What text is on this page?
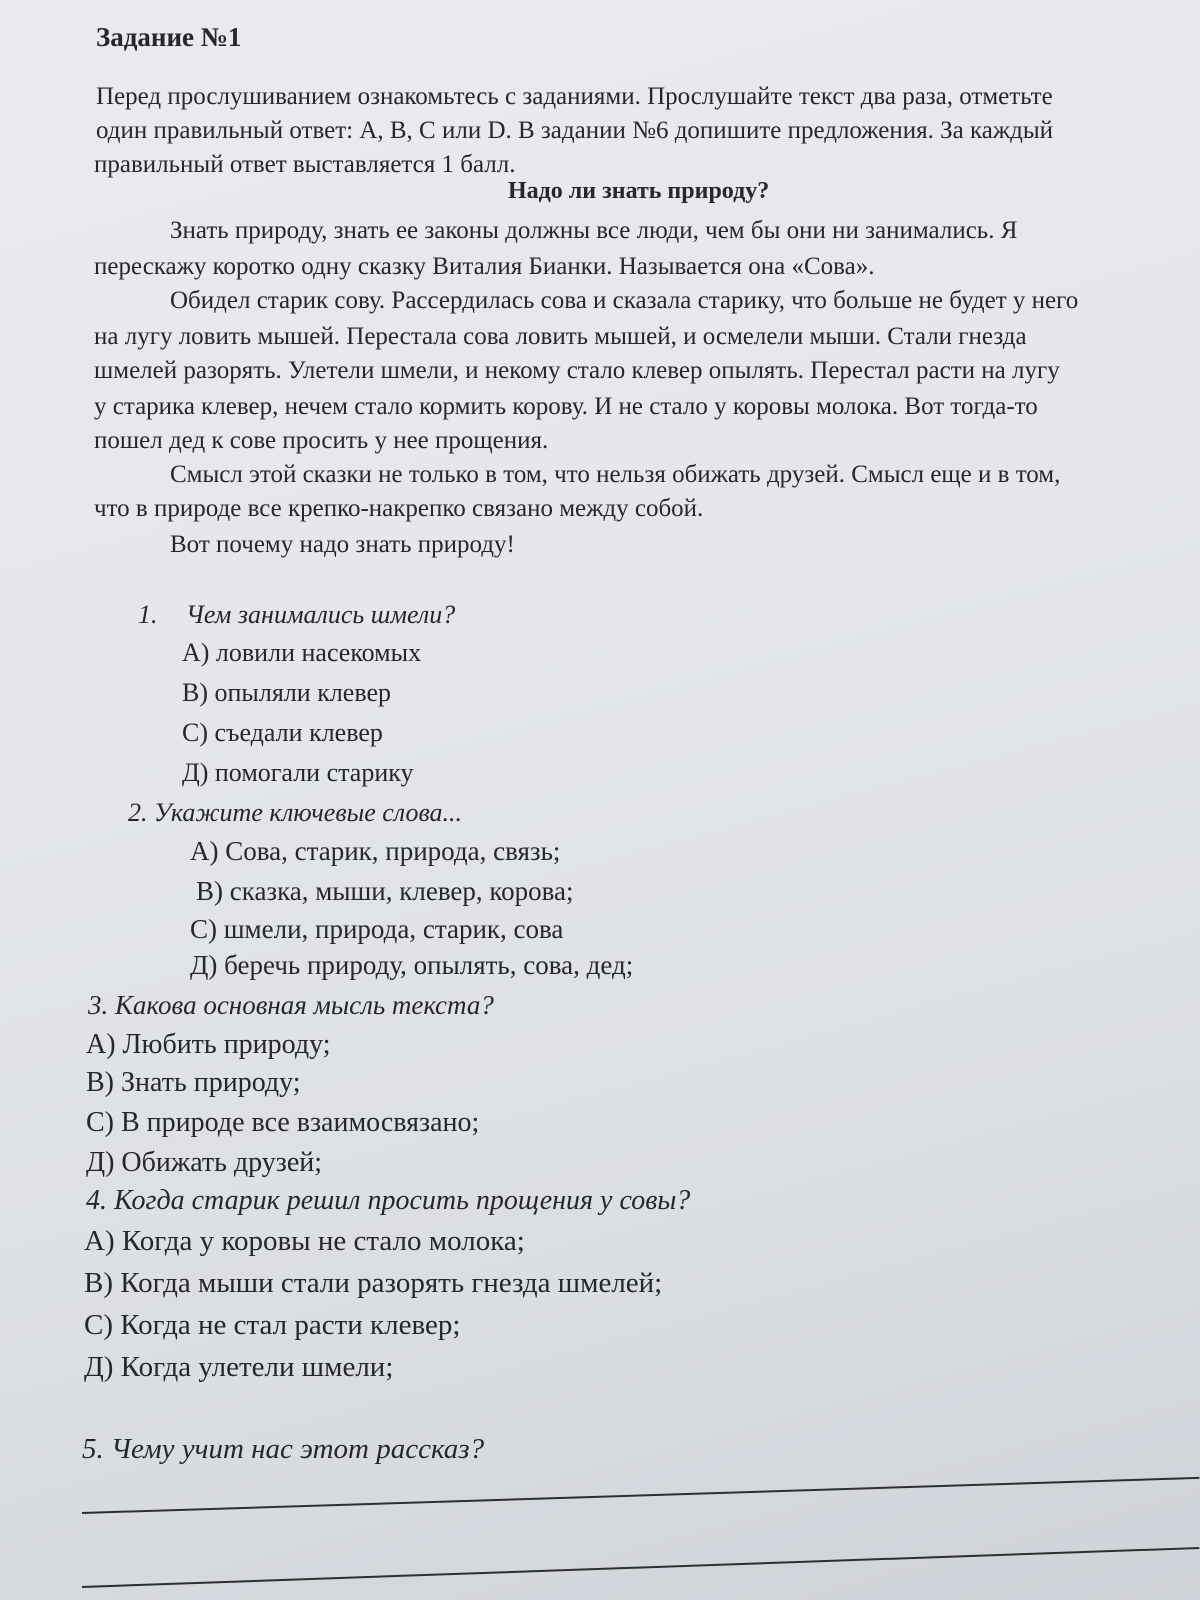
Задание №1
Перед прослушиванием ознакомьтесь с заданиями. Прослушайте текст два раза, отметьте
один правильный ответ: А, В, С или D. В задании №6 допишите предложения. За каждый
правильный ответ выставляется 1 балл.
Надо ли знать природу?
Знать природу, знать ее законы должны все люди, чем бы они ни занимались. Я
перескажу коротко одну сказку Виталия Бианки. Называется она «Сова».
Обидел старик сову. Рассердилась сова и сказала старику, что больше не будет у него
на лугу ловить мышей. Перестала сова ловить мышей, и осмелели мыши. Стали гнезда
шмелей разорять. Улетели шмели, и некому стало клевер опылять. Перестал расти на лугу
у старика клевер, нечем стало кормить корову. И не стало у коровы молока. Вот тогда-то
пошел дед к сове просить у нее прощения.
Смысл этой сказки не только в том, что нельзя обижать друзей. Смысл еще и в том,
что в природе все крепко-накрепко связано между собой.
Вот почему надо знать природу!
1. Чем занимались шмели?
А) ловили насекомых
В) опыляли клевер
С) съедали клевер
Д) помогали старику
2. Укажите ключевые слова...
А) Сова, старик, природа, связь;
В) сказка, мыши, клевер, корова;
С) шмели, природа, старик, сова
Д) беречь природу, опылять, сова, дед;
3. Какова основная мысль текста?
А) Любить природу;
В) Знать природу;
С) В природе все взаимосвязано;
Д) Обижать друзей;
4. Когда старик решил просить прощения у совы?
А) Когда у коровы не стало молока;
В) Когда мыши стали разорять гнезда шмелей;
С) Когда не стал расти клевер;
Д) Когда улетели шмели;
5. Чему учит нас этот рассказ?
